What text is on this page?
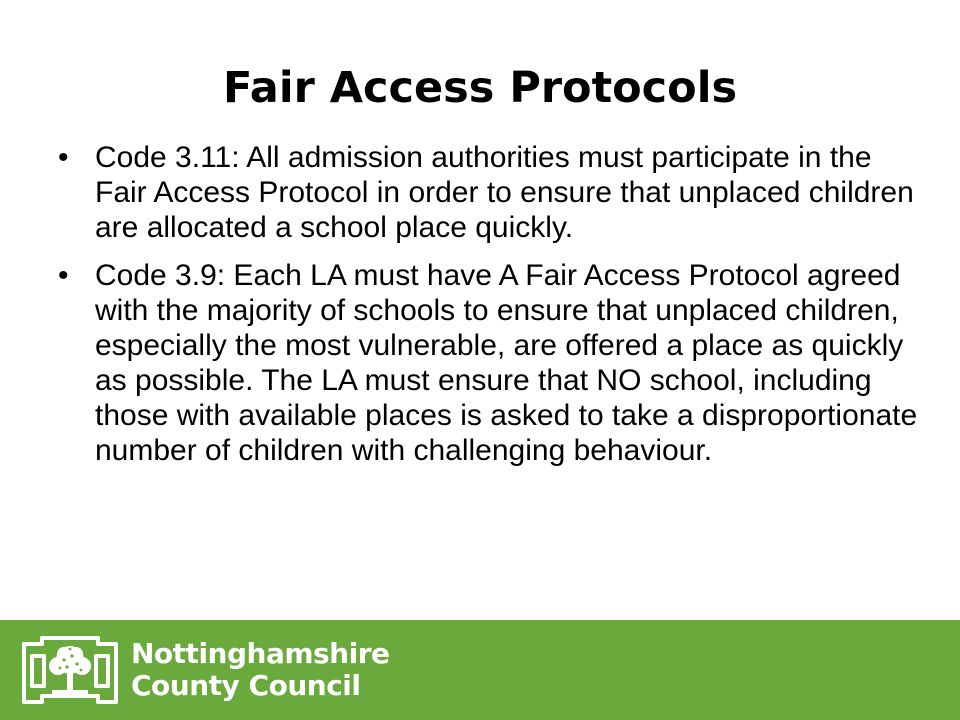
Fair Access Protocols
• Code 3.11: All admission authorities must participate in the Fair Access Protocol in order to ensure that unplaced children are allocated a school place quickly.
• Code 3.9: Each LA must have A Fair Access Protocol agreed with the majority of schools to ensure that unplaced children, especially the most vulnerable, are offered a place as quickly as possible. The LA must ensure that NO school, including those with available places is asked to take a disproportionate number of children with challenging behaviour.
Nottinghamshire
County Council
